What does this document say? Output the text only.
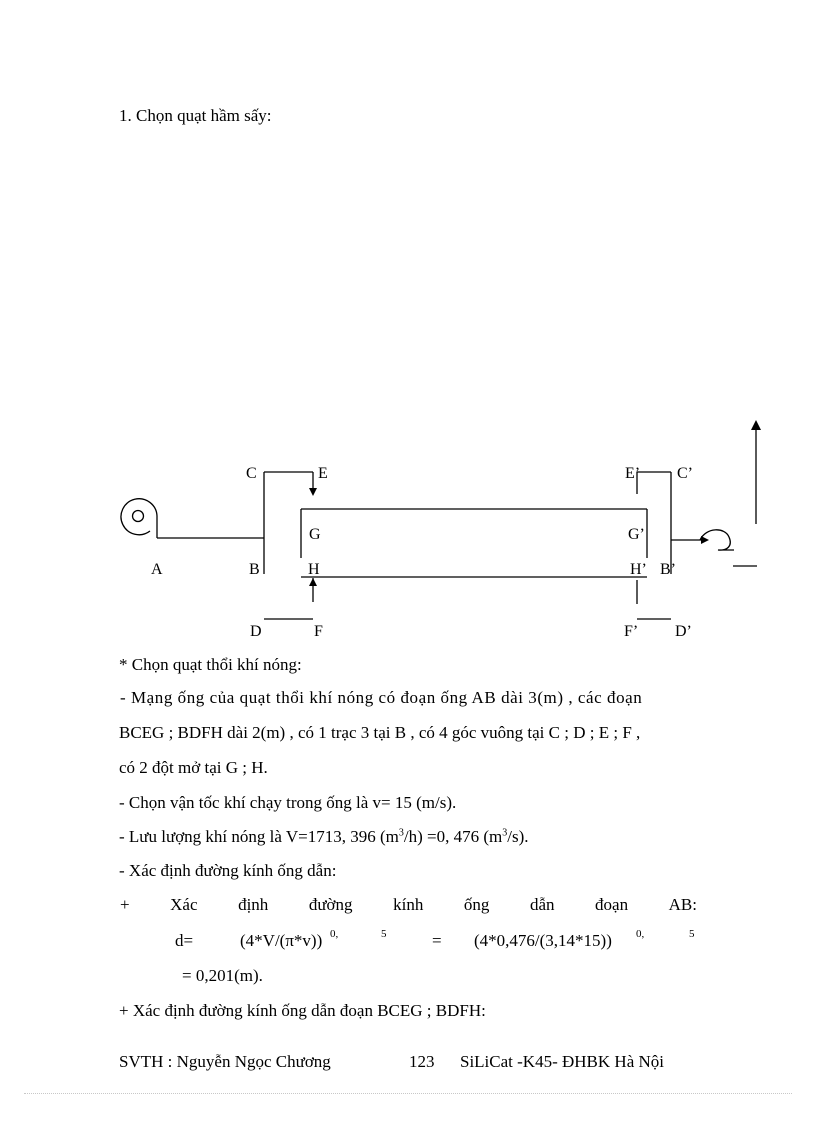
1. Chọn quạt hầm sấy:
C	E	E’ C’
G	G’
A	B	H	H’ B’
D	F	F’ D’
* Chọn quạt thổi khí nóng:
- Mạng ống của quạt thổi khí nóng có đoạn ống AB dài 3(m) , các đoạn
BCEG ; BDFH dài 2(m) , có 1 trạc 3 tại B , có 4 góc vuông tại C ; D ; E ; F ,
có 2 đột mở tại G ; H.
- Chọn vận tốc khí chạy trong ống là v= 15 (m/s).
- Lưu lượng khí nóng là V=1713, 396 $(m^3/h) =0$, 476 $(m^3/s)$.
- Xác định đường kính ống dẫn:
+ Xác định đường kính ống dẫn đoạn AB:
d=	(4*V/(π*v)) 0,	5	= (4*0,476/(3,14*15)) 0,	5
= 0,201(m).
+ Xác định đường kính ống dẫn đoạn BCEG ; BDFH:
SVTH : Nguyễn Ngọc Chương	123 SiLiCat -K45- ĐHBK Hà Nội
